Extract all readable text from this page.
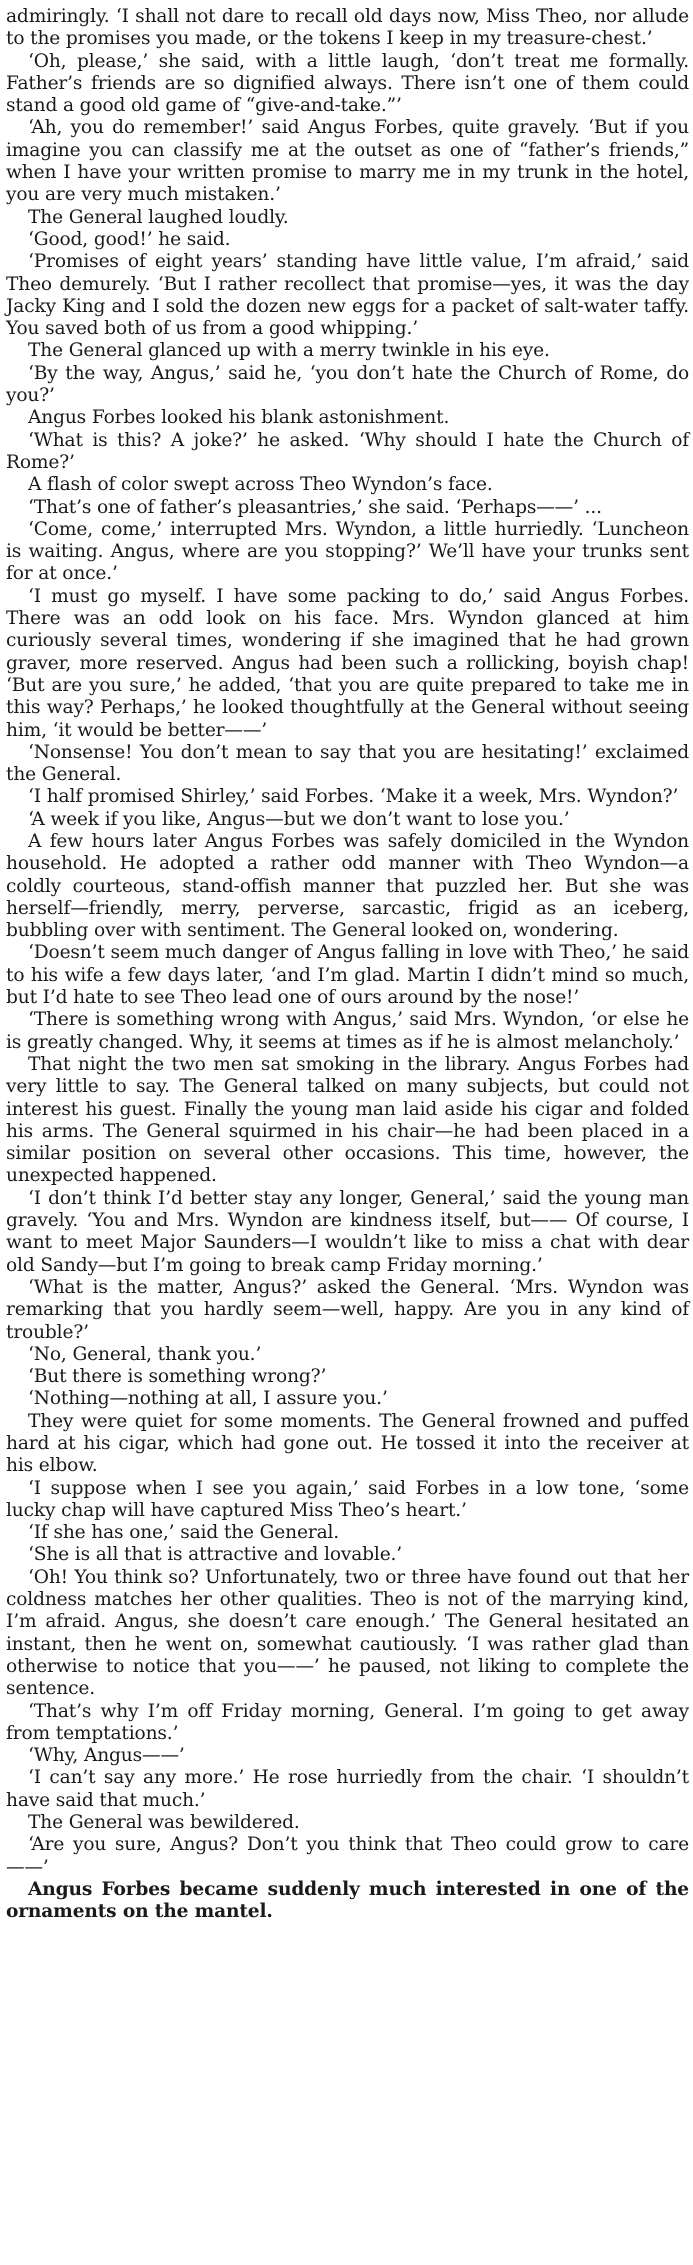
admiringly. ‘I shall not dare to recall old days now, Miss Theo, nor allude to the promises you made, or the tokens I keep in my treasure-chest.’

‘Oh, please,’ she said, with a little laugh, ‘don’t treat me formally. Father’s friends are so dignified always. There isn’t one of them could stand a good old game of “give-and-take.”’

‘Ah, you do remember!’ said Angus Forbes, quite gravely. ‘But if you imagine you can classify me at the outset as one of “father’s friends,” when I have your written promise to marry me in my trunk in the hotel, you are very much mistaken.’

The General laughed loudly.

‘Good, good!’ he said.

‘Promises of eight years’ standing have little value, I’m afraid,’ said Theo demurely. ‘But I rather recollect that promise—yes, it was the day Jacky King and I sold the dozen new eggs for a packet of salt-water taffy. You saved both of us from a good whipping.’

The General glanced up with a merry twinkle in his eye.

‘By the way, Angus,’ said he, ‘you don’t hate the Church of Rome, do you?’

Angus Forbes looked his blank astonishment.

‘What is this? A joke?’ he asked. ‘Why should I hate the Church of Rome?’

A flash of color swept across Theo Wyndon’s face.

‘That’s one of father’s pleasantries,’ she said. ‘Perhaps——’ ...

‘Come, come,’ interrupted Mrs. Wyndon, a little hurriedly. ‘Luncheon is waiting. Angus, where are you stopping?’ We’ll have your trunks sent for at once.’

‘I must go myself. I have some packing to do,’ said Angus Forbes. There was an odd look on his face. Mrs. Wyndon glanced at him curiously several times, wondering if she imagined that he had grown graver, more reserved. Angus had been such a rollicking, boyish chap! ‘But are you sure,’ he added, ‘that you are quite prepared to take me in this way? Perhaps,’ he looked thoughtfully at the General without seeing him, ‘it would be better——’

‘Nonsense! You don’t mean to say that you are hesitating!’ exclaimed the General.

‘I half promised Shirley,’ said Forbes. ‘Make it a week, Mrs. Wyndon?’

‘A week if you like, Angus—but we don’t want to lose you.’

A few hours later Angus Forbes was safely domiciled in the Wyndon household. He adopted a rather odd manner with Theo Wyndon—a coldly courteous, stand-offish manner that puzzled her. But she was herself—friendly, merry, perverse, sarcastic, frigid as an iceberg, bubbling over with sentiment. The General looked on, wondering.

‘Doesn’t seem much danger of Angus falling in love with Theo,’ he said to his wife a few days later, ‘and I’m glad. Martin I didn’t mind so much, but I’d hate to see Theo lead one of ours around by the nose!’

‘There is something wrong with Angus,’ said Mrs. Wyndon, ‘or else he is greatly changed. Why, it seems at times as if he is almost melancholy.’

That night the two men sat smoking in the library. Angus Forbes had very little to say. The General talked on many subjects, but could not interest his guest. Finally the young man laid aside his cigar and folded his arms. The General squirmed in his chair—he had been placed in a similar position on several other occasions. This time, however, the unexpected happened.

‘I don’t think I’d better stay any longer, General,’ said the young man gravely. ‘You and Mrs. Wyndon are kindness itself, but—— Of course, I want to meet Major Saunders—I wouldn’t like to miss a chat with dear old Sandy—but I’m going to break camp Friday morning.’

‘What is the matter, Angus?’ asked the General. ‘Mrs. Wyndon was remarking that you hardly seem—well, happy. Are you in any kind of trouble?’

‘No, General, thank you.’

‘But there is something wrong?’

‘Nothing—nothing at all, I assure you.’

They were quiet for some moments. The General frowned and puffed hard at his cigar, which had gone out. He tossed it into the receiver at his elbow.

‘I suppose when I see you again,’ said Forbes in a low tone, ‘some lucky chap will have captured Miss Theo’s heart.’

‘If she has one,’ said the General.

‘She is all that is attractive and lovable.’

‘Oh! You think so? Unfortunately, two or three have found out that her coldness matches her other qualities. Theo is not of the marrying kind, I’m afraid. Angus, she doesn’t care enough.’ The General hesitated an instant, then he went on, somewhat cautiously. ‘I was rather glad than otherwise to notice that you——’ he paused, not liking to complete the sentence.

‘That’s why I’m off Friday morning, General. I’m going to get away from temptations.’

‘Why, Angus——’

‘I can’t say any more.’ He rose hurriedly from the chair. ‘I shouldn’t have said that much.’

The General was bewildered.

‘Are you sure, Angus? Don’t you think that Theo could grow to care——’

Angus Forbes became suddenly much interested in one of the ornaments on the mantel.
